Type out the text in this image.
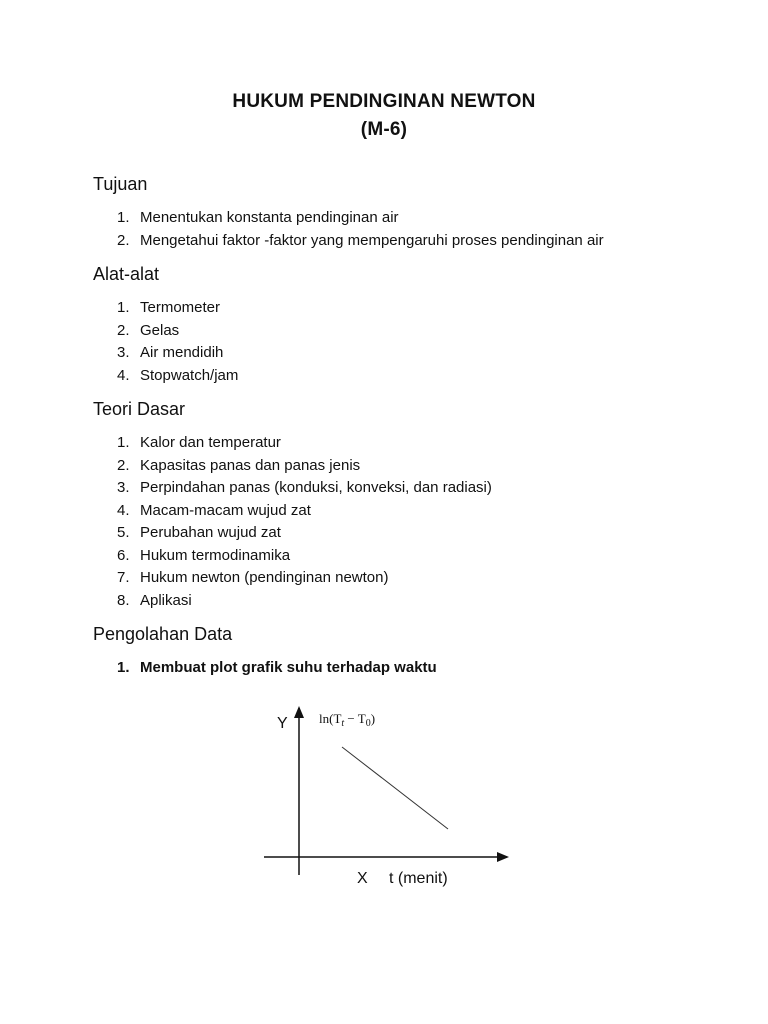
HUKUM PENDINGINAN NEWTON
(M-6)
Tujuan
1. Menentukan konstanta pendinginan air
2. Mengetahui faktor -faktor yang mempengaruhi proses pendinginan air
Alat-alat
1. Termometer
2. Gelas
3. Air mendidih
4. Stopwatch/jam
Teori Dasar
1. Kalor dan temperatur
2. Kapasitas panas dan panas jenis
3. Perpindahan panas (konduksi, konveksi, dan radiasi)
4. Macam-macam wujud zat
5. Perubahan wujud zat
6. Hukum termodinamika
7. Hukum newton (pendinginan newton)
8. Aplikasi
Pengolahan Data
1. Membuat plot grafik suhu terhadap waktu
Y $\ln(T_t - T_0)$
X t (menit)
